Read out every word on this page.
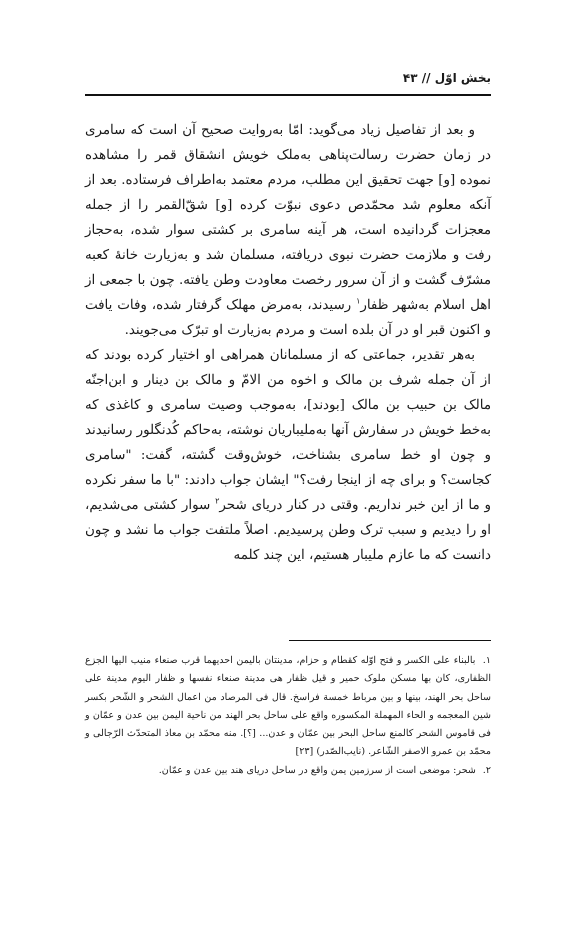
بخش اوّل // ۴۳

و بعد از تفاصیل زیاد می‌گوید: امّا به‌روایت صحیح آن است که سامری در زمان حضرت رسالت‌پناهی به‌ملک خویش انشقاق قمر را مشاهده نموده [و] جهت تحقیق این مطلب، مردم معتمد به‌اطراف فرستاده. بعد از آنکه معلوم شد محمّدص دعوی نبوّت کرده [و] شقّ‌القمر را از جمله معجزات گردانیده است، هر آینه سامری بر کشتی سوار شده، به‌حجاز رفت و ملازمت حضرت نبوی دریافته، مسلمان شد و به‌زیارت خانهٔ کعبه مشرّف گشت و از آن سرور رخصت معاودت وطن یافته. چون با جمعی از اهل اسلام به‌شهر ظفار$^۱$ رسیدند، به‌مرض مهلک گرفتار شده، وفات یافت و اکنون قبر او در آن بلده است و مردم به‌زیارت او تبرّک می‌جویند.

به‌هر تقدیر، جماعتی که از مسلمانان همراهی او اختیار کرده بودند که از آن جمله شرف بن مالک و اخوه من الامّ و مالک بن دینار و ابن‌اجنّه مالک بن حبیب بن مالک [بودند]، به‌موجب وصیت سامری و کاغذی که به‌خط خویش در سفارش آنها به‌ملیباریان نوشته، به‌حاکم کُدنگلور رسانیدند و چون او خط سامری بشناخت، خوش‌وقت گشته، گفت: "سامری کجاست؟ و برای چه از اینجا رفت؟" ایشان جواب دادند: "با ما سفر نکرده و ما از این خبر نداریم. وقتی در کنار دریای شحر$^۲$ سوار کشتی می‌شدیم، او را دیدیم و سبب ترک وطن پرسیدیم. اصلاً ملتفت جواب ما نشد و چون دانست که ما عازم ملیبار هستیم، این چند کلمه

۱. بالبناء علی الکسر و فتح اوّله کقطام و حزام، مدینتان بالیمن احدیهما قرب صنعاء منیب الیها الجزع الظفاری، کان بها مسکن ملوک حمیر و قیل ظفار هی مدینة صنعاء نفسها و ظفار الیوم مدینة علی ساحل بحر الهند، بینها و بین مرباط خمسة فراسخ. قال فی المرصاد من اعمال الشحر و الشّحر بکسر شین المعجمه و الحاء المهملة المکسوره واقع علی ساحل بحر الهند من ناحیة الیمن بین عدن و عمّان و فی قاموس الشحر کالمنع ساحل البحر بین عمّان و عدن... [؟]. منه محمّد بن معاذ المتحدّث الرّجالی و محمّد بن عمرو الاصفر الشّاعر. (نایب‌الصّدر) [۲۳]

۲. شحر: موضعی است از سرزمین یمن واقع در ساحل دریای هند بین عدن و عمّان.
